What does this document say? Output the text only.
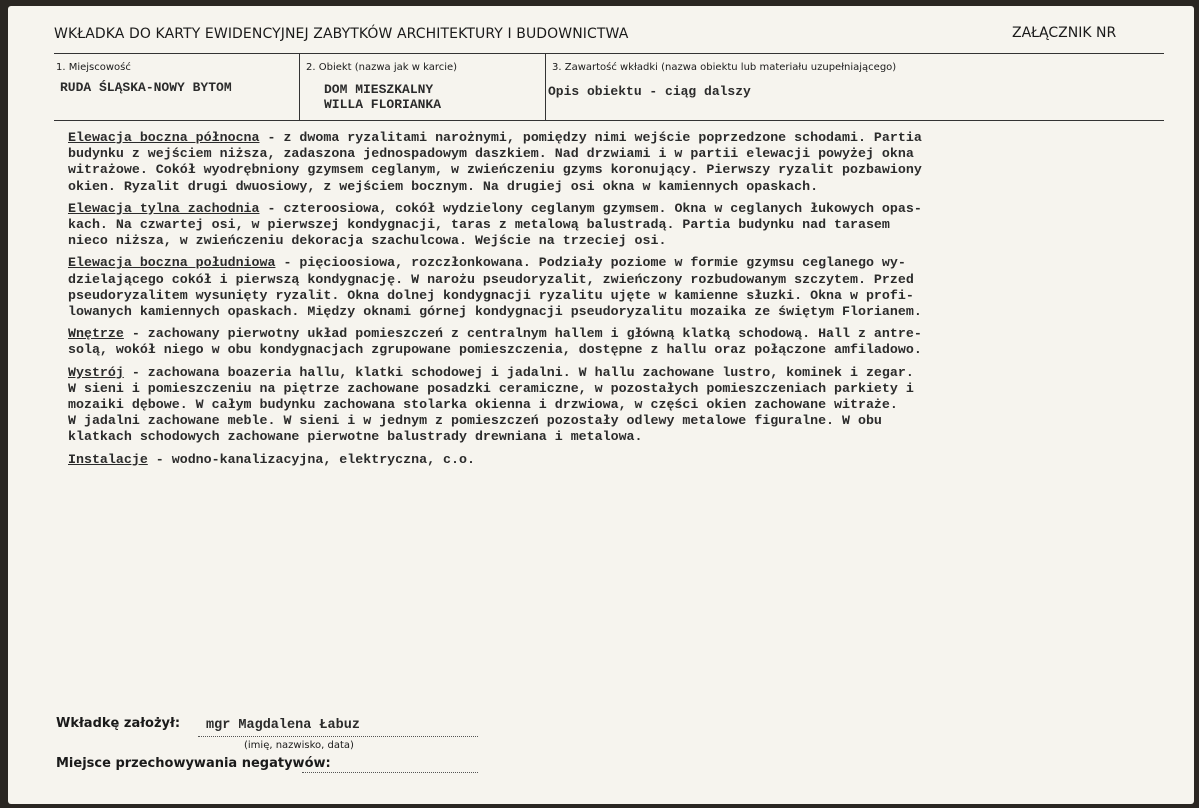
WKŁADKA DO KARTY EWIDENCYJNEJ ZABYTKÓW ARCHITEKTURY I BUDOWNICTWA	ZAŁĄCZNIK NR
1. Miejscowość
RUDA ŚLĄSKA-NOWY BYTOM
2. Obiekt (nazwa jak w karcie)
DOM MIESZKALNY
WILLA FLORIANKA
3. Zawartość wkładki (nazwa obiektu lub materiału uzupełniającego)
Opis obiektu - ciąg dalszy
Elewacja boczna północna - z dwoma ryzalitami narożnymi, pomiędzy nimi wejście poprzedzone schodami. Partia
budynku z wejściem niższa, zadaszona jednospadowym daszkiem. Nad drzwiami i w partii elewacji powyżej okna
witrażowe. Cokół wyodrębniony gzymsem ceglanym, w zwieńczeniu gzyms koronujący. Pierwszy ryzalit pozbawiony
okien. Ryzalit drugi dwuosiowy, z wejściem bocznym. Na drugiej osi okna w kamiennych opaskach.
Elewacja tylna zachodnia - czteroosiowa, cokół wydzielony ceglanym gzymsem. Okna w ceglanych łukowych opas-
kach. Na czwartej osi, w pierwszej kondygnacji, taras z metalową balustradą. Partia budynku nad tarasem
nieco niższa, w zwieńczeniu dekoracja szachulcowa. Wejście na trzeciej osi.
Elewacja boczna południowa - pięcioosiowa, rozczłonkowana. Podziały poziome w formie gzymsu ceglanego wy-
dzielającego cokół i pierwszą kondygnację. W narożu pseudoryzalit, zwieńczony rozbudowanym szczytem. Przed
pseudoryzalitem wysunięty ryzalit. Okna dolnej kondygnacji ryzalitu ujęte w kamienne słuzki. Okna w profi-
lowanych kamiennych opaskach. Między oknami górnej kondygnacji pseudoryzalitu mozaika ze świętym Florianem.
Wnętrze - zachowany pierwotny układ pomieszczeń z centralnym hallem i główną klatką schodową. Hall z antre-
solą, wokół niego w obu kondygnacjach zgrupowane pomieszczenia, dostępne z hallu oraz połączone amfiladowo.
Wystrój - zachowana boazeria hallu, klatki schodowej i jadalni. W hallu zachowane lustro, kominek i zegar.
W sieni i pomieszczeniu na piętrze zachowane posadzki ceramiczne, w pozostałych pomieszczeniach parkiety i
mozaiki dębowe. W całym budynku zachowana stolarka okienna i drzwiowa, w części okien zachowane witraże.
W jadalni zachowane meble. W sieni i w jednym z pomieszczeń pozostały odlewy metalowe figuralne. W obu
klatkach schodowych zachowane pierwotne balustrady drewniana i metalowa.
Instalacje - wodno-kanalizacyjna, elektryczna, c.o.
Wkładkę założył: mgr Magdalena Łabuz
(imię, nazwisko, data)
Miejsce przechowywania negatywów:
